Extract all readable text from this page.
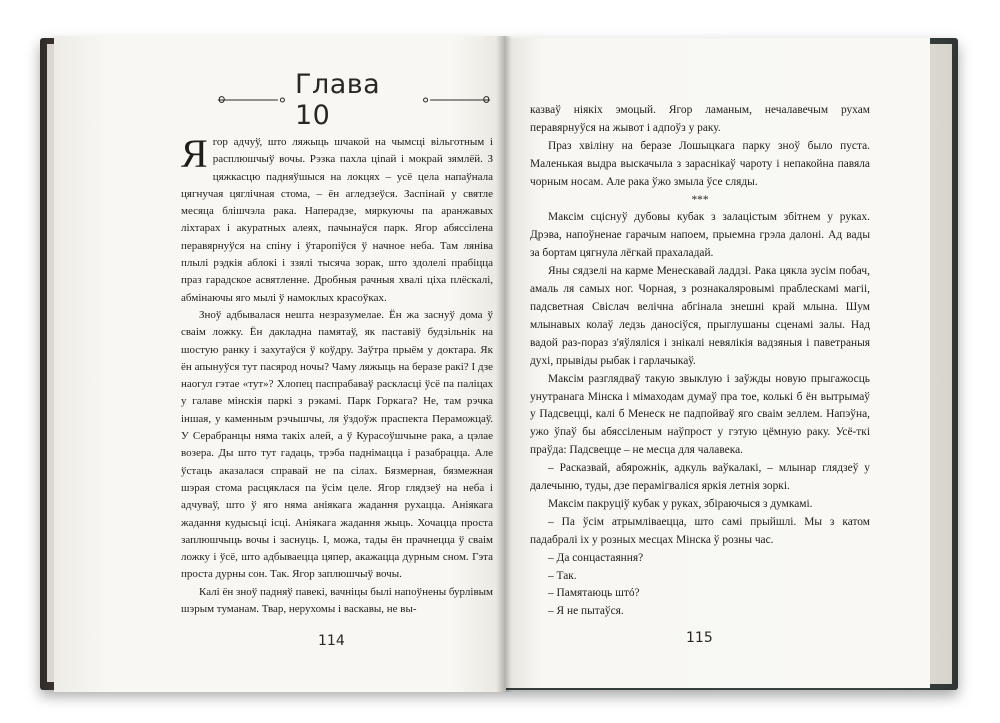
Глава 10

Ягор адчуў, што ляжыць шчакой на чымсці вільготным і расплюшчыў вочы. Рэзка пахла ціnай і мокрай зямлёй. З цяжкасцю падняўшыся на локцях – усё цела напаўнала цягнучая цяглічная стома, – ён агледзеўся. Заспінай у святле месяца блішчэла рака. Наперадзе, мяркуючы па аранжавых ліхтарах і акуратных алеях, пачынаўся парк. Ягор абяссілена перавярнуўся на спіну і ўтаропіўся ў начное неба. Там ляніва плылі рэдкія аблокі і ззялі тысяча зорак, што здолелі прабіцца праз гарадское асвятленне. Дробныя рачныя хвалі ціха плёскалі, абмінаючы яго мылі ў намоклых красоўках.

Зноў адбывалася нешта незразумелае. Ён жа заснуў дома ў сваім ложку. Ён дакладна памятаў, як паставіў будзільнік на шостую ранку і захутаўся ў коўдру. Заўтра прыём у доктара. Як ён апынуўся тут пасярод ночы? Чаму ляжыць на беразе ракі? І дзе наогул гэтае «тут»? Хлопец паспрабаваў раскласці ўсё па паліцах у галаве мінскія паркі з рэкамі. Парк Горкага? Не, там рэчка іншая, у каменным рэчышчы, ля ўздоўж праспекта Пераможцаў. У Серабранцы няма такіх алей, а ў Курасоўшчыне рака, а цэлае возера. Ды што тут гадаць, трэба паднімацца і разабрацца. Але ўстаць аказалася справай не па сілах. Бязмерная, бязмежная шэрая стома расцяклася па ўсім целе. Ягор глядзеў на неба і адчуваў, што ў яго няма аніякага жадання рухацца. Аніякага жадання кудысьці ісці. Аніякага жадання жыць. Хочацца проста заплюшчыць вочы і заснуць. І, можа, тады ён прачнецца ў сваім ложку і ўсё, што адбываецца цяпер, акажацца дурным сном. Гэта проста дурны сон. Так. Ягор заплюшчыў вочы.

Калі ён зноў падняў павекі, вачніцы былі напоўнены бурлівым шэрым туманам. Твар, нерухомы і васкавы, не вы-

казваў ніякіх эмоцый. Ягор ламаным, нечалавечым рухам перавярнуўся на жывот і адпоўз у раку.

Праз хвіліну на беразе Лошыцкага парку зноў было пуста. Маленькая выдра выскачыла з зараснікаў чароту і непакойна павяла чорным носам. Але рака ўжо змыла ўсе сляды.

***

Максім сціснуў дубовы кубак з залацістым збітнем у руках. Дрэва, напоўненае гарачым напоем, прыемна грэла далоні. Ад вады за бортам цягнула лёгкай прахаладай.

Яны сядзелі на карме Менескавай ладдзі. Рака цякла зусім побач, амаль ля самых ног. Чорная, з рознакаляровымі праблескамі магіі, падсветная Свіслач велічна абгінала знешні край млына. Шум млынавых колаў ледзь даносіўся, прыглушаны сценамі залы. Над вадой раз-пораз з'яўляліся і знікалі невялікія вадзяныя і паветраныя духі, прывіды рыбак і гарлачыкаў.

Максім разглядваў такую звыклую і заўжды новую прыгажосць унутранага Мінска і мімаходам думаў пра тое, колькі б ён вытрымаў у Падсвецці, калі б Менеск не падпойваў яго сваім зеллем. Напэўна, ужо ўпаў бы абяссіленым наўпрост у гэтую цёмную раку. Усё-ткі праўда: Падсвецце – не месца для чалавека.

– Расказвай, абярожнік, адкуль ваўкалакі, – млынар глядзеў у далечыню, туды, дзе перамігваліся яркія летнія зоркі.

Максім пакруціў кубак у руках, збіраючыся з думкамі.

– Па ўсім атрымліваецца, што самі прыйшлі. Мы з катом падабралі іх у розных месцах Мінска ў розны час.

– Да сонцастаяння?

– Так.

– Памятаюць штó?

– Я не пытаўся.

114	115
